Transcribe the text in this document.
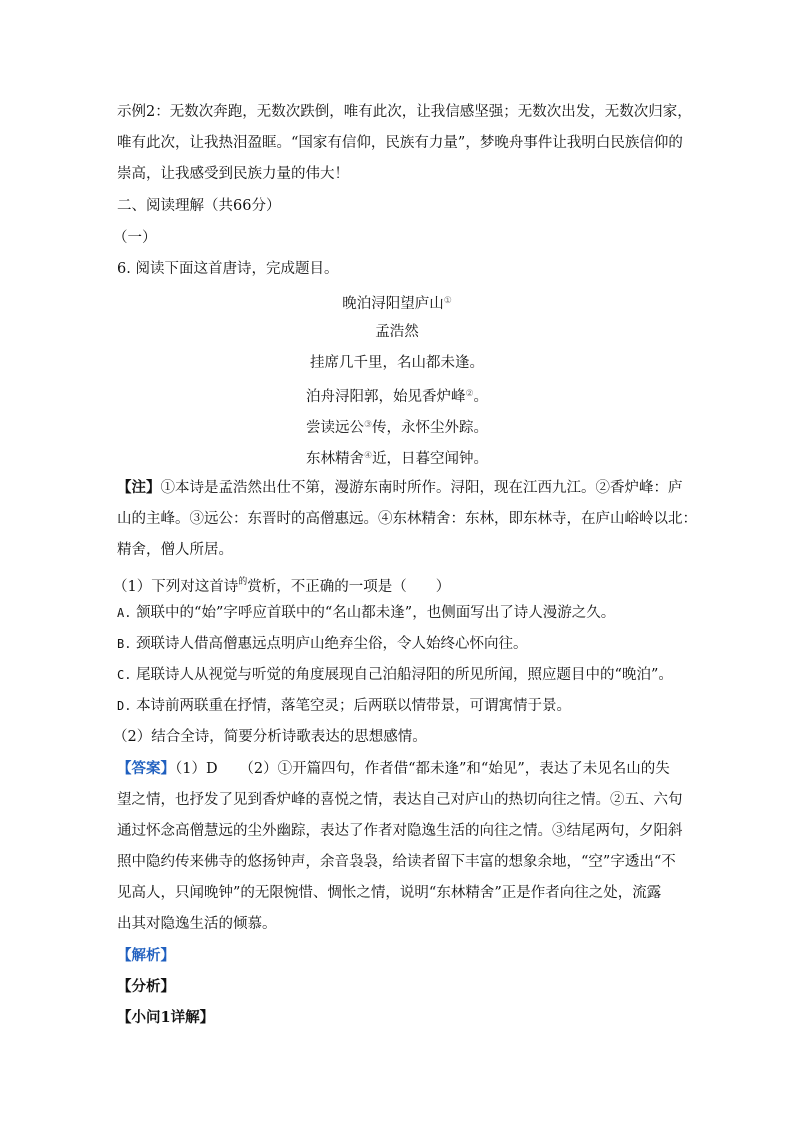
示例2：无数次奔跑，无数次跌倒，唯有此次，让我信感坚强；无数次出发，无数次归家，
唯有此次，让我热泪盈眶。“国家有信仰，民族有力量”，梦晚舟事件让我明白民族信仰的
崇高，让我感受到民族力量的伟大！
二、阅读理解（共66分）
（一）
6. 阅读下面这首唐诗，完成题目。
晚泊浔阳望庐山①
孟浩然
挂席几千里，名山都未逢。
泊舟浔阳郭，始见香炉峰②。
尝读远公③传，永怀尘外踪。
东林精舍④近，日暮空闻钟。
【注】①本诗是孟浩然出仕不第，漫游东南时所作。浔阳，现在江西九江。②香炉峰：庐
山的主峰。③远公：东晋时的高僧惠远。④东林精舍：东林，即东林寺，在庐山峪岭以北：
精舍，僧人所居。
（1）下列对这首诗$^的$赏析，不正确的一项是（　　）
A. 颔联中的“始”字呼应首联中的“名山都未逢”，也侧面写出了诗人漫游之久。
B. 颈联诗人借高僧惠远点明庐山绝弃尘俗，令人始终心怀向往。
C. 尾联诗人从视觉与听觉的角度展现自己泊船浔阳的所见所闻，照应题目中的“晚泊”。
D. 本诗前两联重在抒情，落笔空灵；后两联以情带景，可谓寓情于景。
（2）结合全诗，简要分析诗歌表达的思想感情。
【答案】（1）D　　（2）①开篇四句，作者借“都未逢”和“始见”，表达了未见名山的失
望之情，也抒发了见到香炉峰的喜悦之情，表达自己对庐山的热切向往之情。②五、六句
通过怀念高僧慧远的尘外幽踪，表达了作者对隐逸生活的向往之情。③结尾两句，夕阳斜
照中隐约传来佛寺的悠扬钟声，余音袅袅，给读者留下丰富的想象余地，“空”字透出“不
见高人，只闻晚钟”的无限惋惜、惆怅之情，说明“东林精舍”正是作者向往之处，流露
出其对隐逸生活的倾慕。
【解析】
【分析】
【小问1详解】
